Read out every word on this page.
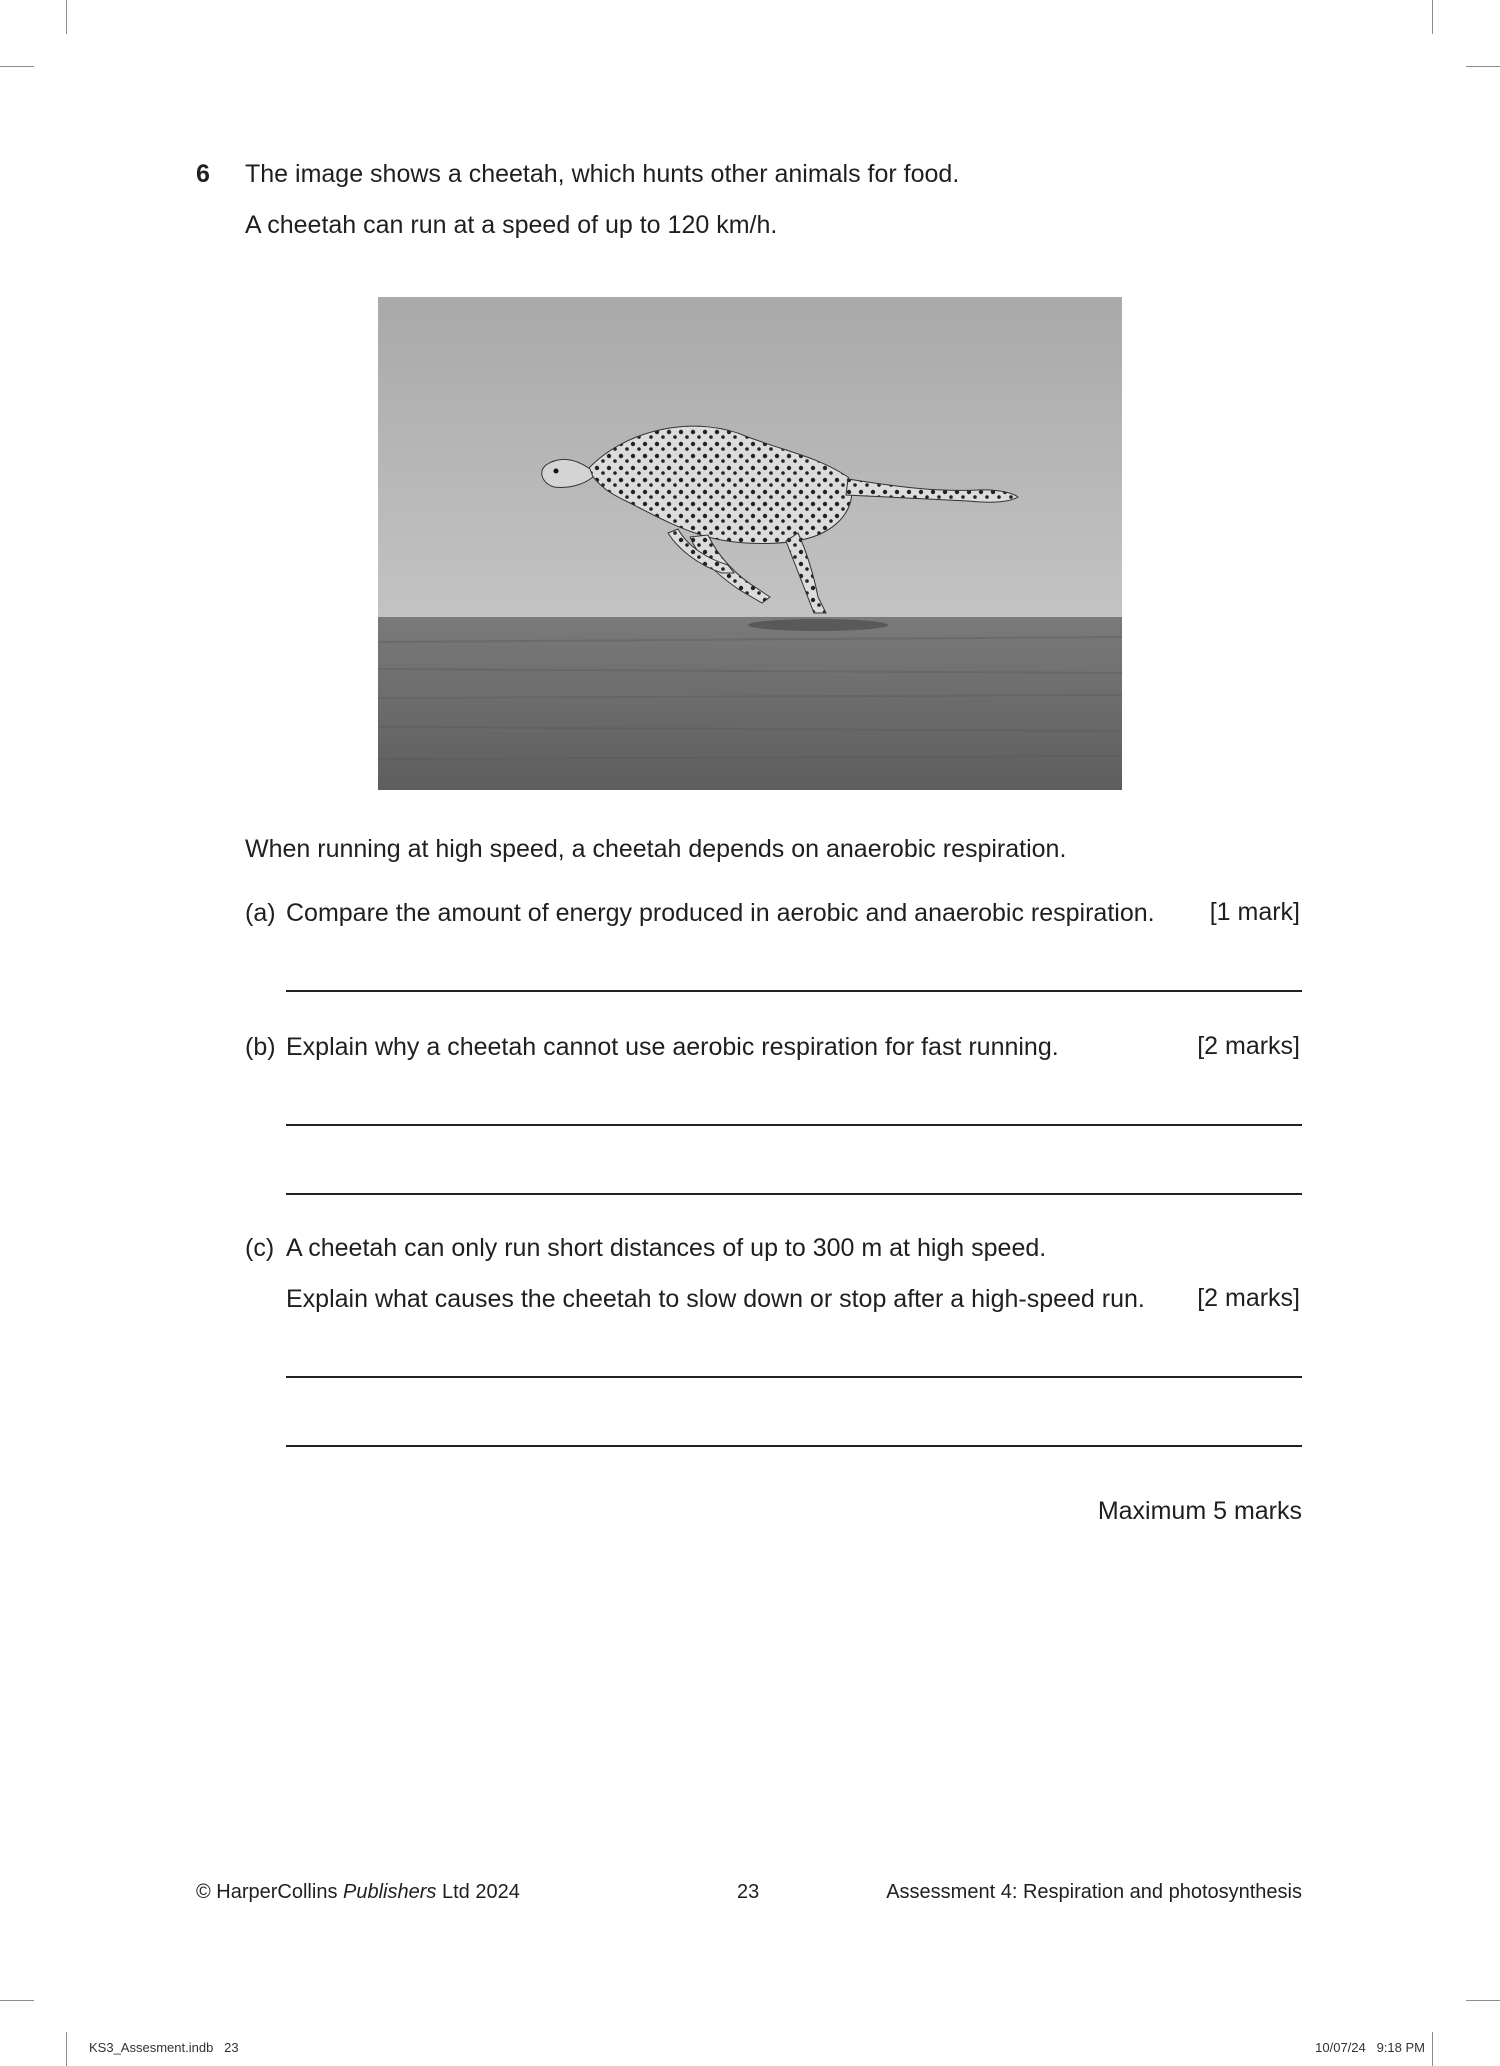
6 The image shows a cheetah, which hunts other animals for food.
A cheetah can run at a speed of up to 120 km/h.
When running at high speed, a cheetah depends on anaerobic respiration.
(a) Compare the amount of energy produced in aerobic and anaerobic respiration. [1 mark]
(b) Explain why a cheetah cannot use aerobic respiration for fast running.	[2 marks]
(c) A cheetah can only run short distances of up to 300 m at high speed.
Explain what causes the cheetah to slow down or stop after a high-speed run. [2 marks]
Maximum 5 marks
© HarperCollins Publishers Ltd 2024	23	Assessment 4: Respiration and photosynthesis
KS3_Assesment.indb   23	10/07/24   9:18 PM
